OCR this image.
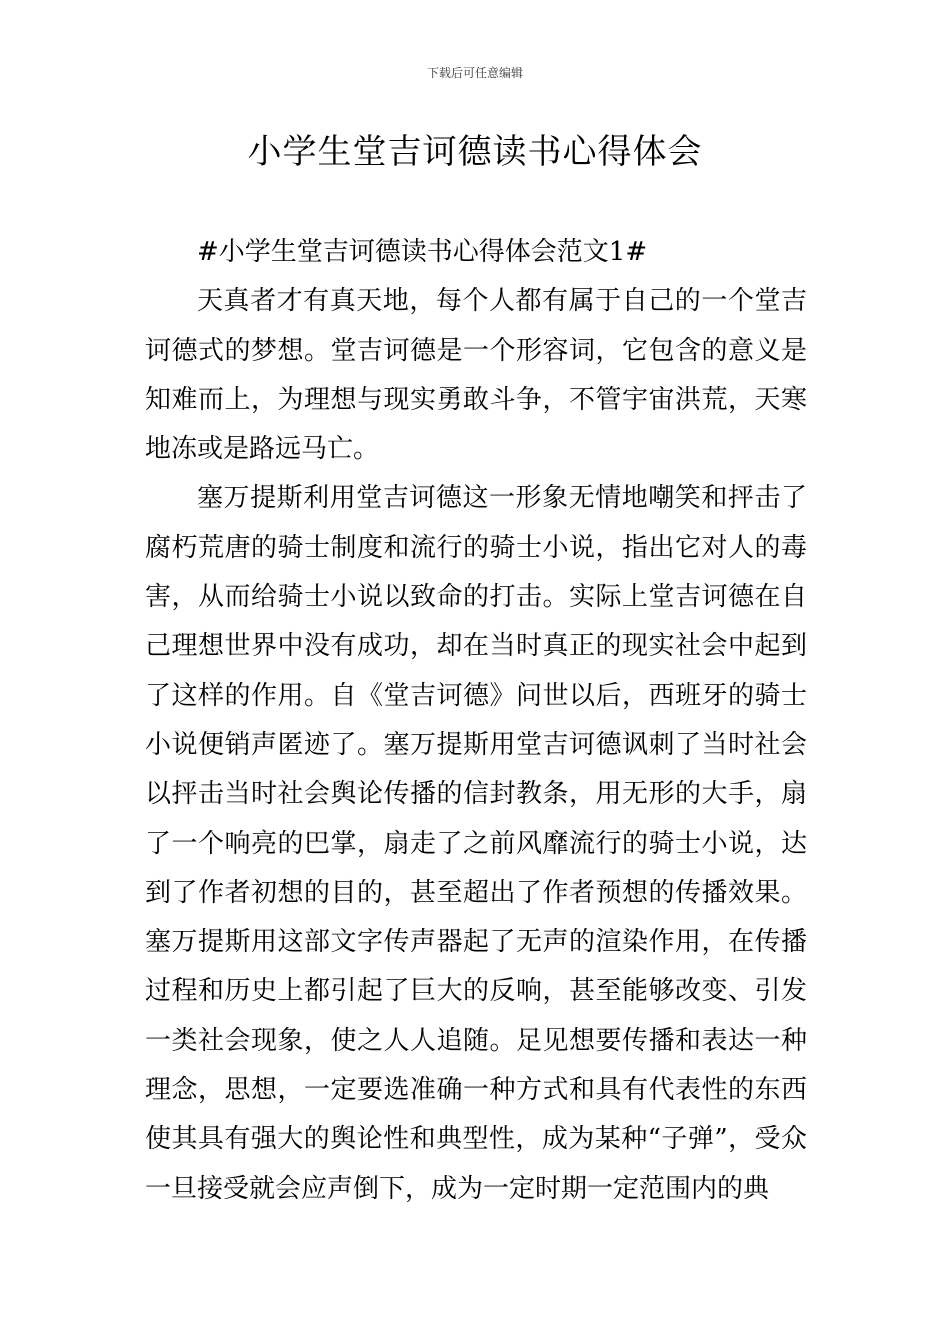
下载后可任意编辑
小学生堂吉诃德读书心得体会

#小学生堂吉诃德读书心得体会范文1#

天真者才有真天地，每个人都有属于自己的一个堂吉诃德式的梦想。堂吉诃德是一个形容词，它包含的意义是知难而上，为理想与现实勇敢斗争，不管宇宙洪荒，天寒地冻或是路远马亡。

塞万提斯利用堂吉诃德这一形象无情地嘲笑和抨击了腐朽荒唐的骑士制度和流行的骑士小说，指出它对人的毒害，从而给骑士小说以致命的打击。实际上堂吉诃德在自己理想世界中没有成功，却在当时真正的现实社会中起到了这样的作用。自《堂吉诃德》问世以后，西班牙的骑士小说便销声匿迹了。塞万提斯用堂吉诃德讽刺了当时社会以抨击当时社会舆论传播的信封教条，用无形的大手，扇了一个响亮的巴掌，扇走了之前风靡流行的骑士小说，达到了作者初想的目的，甚至超出了作者预想的传播效果。塞万提斯用这部文字传声器起了无声的渲染作用，在传播过程和历史上都引起了巨大的反响，甚至能够改变、引发一类社会现象，使之人人追随。足见想要传播和表达一种理念，思想，一定要选准确一种方式和具有代表性的东西使其具有强大的舆论性和典型性，成为某种“子弹”，受众一旦接受就会应声倒下，成为一定时期一定范围内的典
